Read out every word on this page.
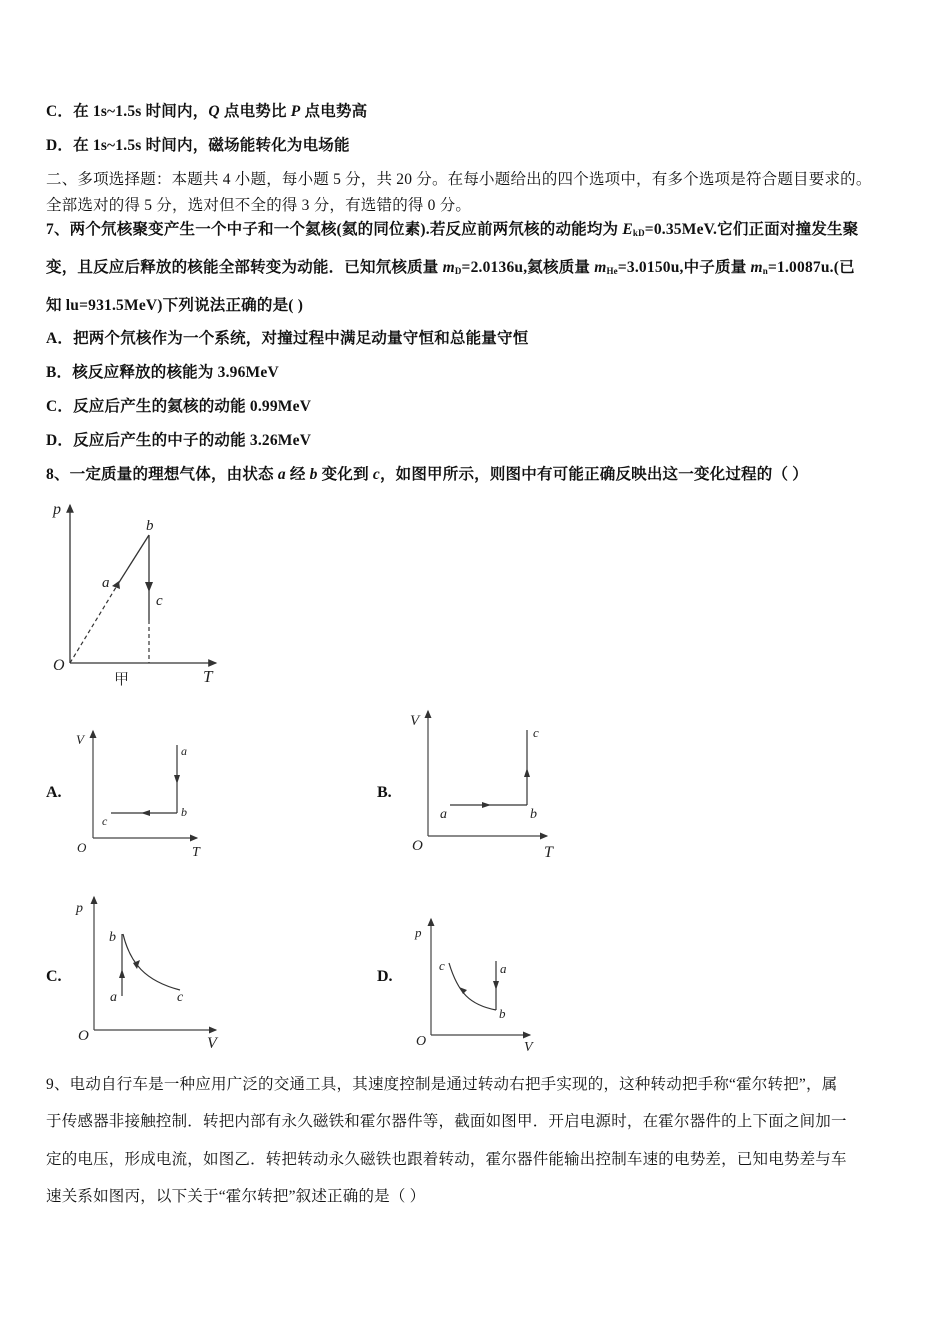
C．在 1s~1.5s 时间内，Q 点电势比 P 点电势高
D．在 1s~1.5s 时间内，磁场能转化为电场能
二、多项选择题：本题共 4 小题，每小题 5 分，共 20 分。在每小题给出的四个选项中，有多个选项是符合题目要求的。
全部选对的得 5 分，选对但不全的得 3 分，有选错的得 0 分。
7、两个氘核聚变产生一个中子和一个氦核(氦的同位素).若反应前两氘核的动能均为 $E_{kD}=0.35MeV$.它们正面对撞发生聚
变，且反应后释放的核能全部转变为动能．已知氘核质量 $m_D=2.0136u$,氦核质量 $m_{He}=3.0150u$,中子质量 $m_n=1.0087u$.(已
知 lu=931.5MeV)下列说法正确的是( )
A．把两个氘核作为一个系统，对撞过程中满足动量守恒和总能量守恒
B．核反应释放的核能为 3.96MeV
C．反应后产生的氦核的动能 0.99MeV
D．反应后产生的中子的动能 3.26MeV
8、一定质量的理想气体，由状态 a 经 b 变化到 c，如图甲所示，则图中有可能正确反映出这一变化过程的（ ）
p
T
O
a
b
c
甲
A.
V
T
O
a
b
c
B.
V
T
O
a	b
c
C.
p
V
O
a
b
c
D.
p
V
O
a
b
c
9、电动自行车是一种应用广泛的交通工具，其速度控制是通过转动右把手实现的，这种转动把手称“霍尔转把”，属
于传感器非接触控制．转把内部有永久磁铁和霍尔器件等，截面如图甲．开启电源时，在霍尔器件的上下面之间加一
定的电压，形成电流，如图乙．转把转动永久磁铁也跟着转动，霍尔器件能输出控制车速的电势差，已知电势差与车
速关系如图丙，以下关于“霍尔转把”叙述正确的是（ ）
